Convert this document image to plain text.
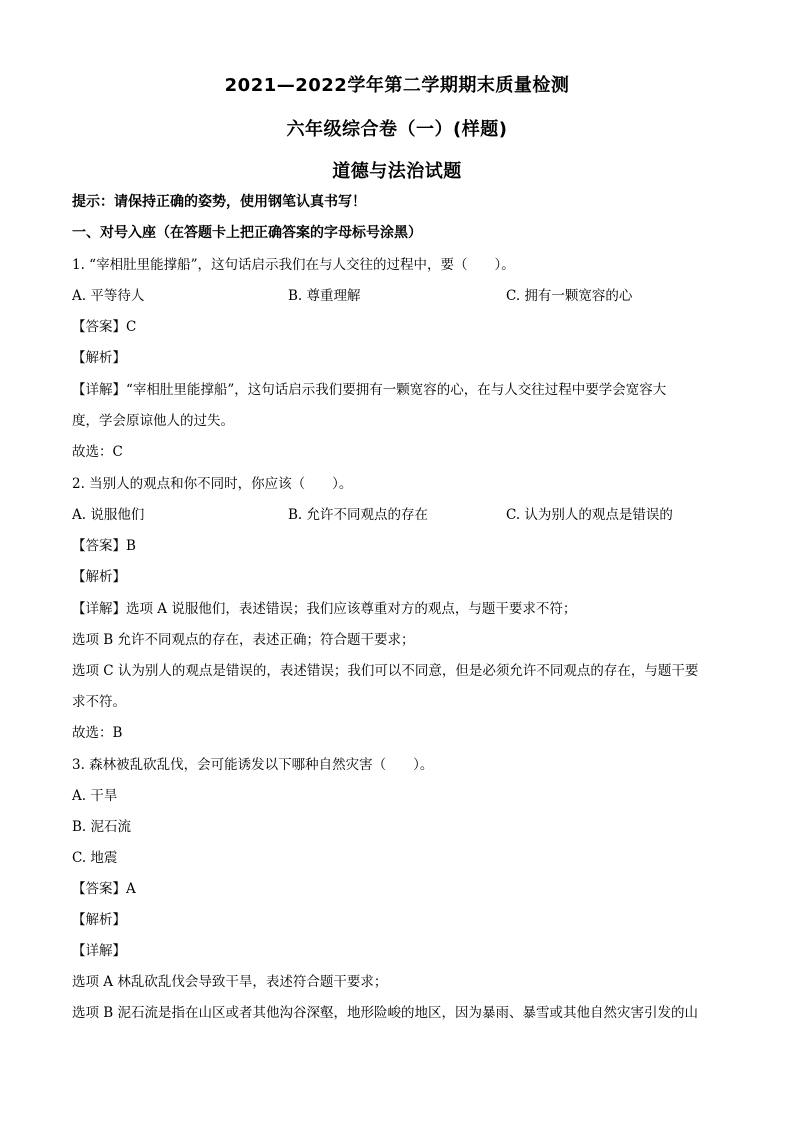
2021—2022学年第二学期期末质量检测
六年级综合卷（一）(样题)
道德与法治试题
提示：请保持正确的姿势，使用钢笔认真书写！
一、对号入座（在答题卡上把正确答案的字母标号涂黑）
1. “宰相肚里能撑船”，这句话启示我们在与人交往的过程中，要（　　）。
A. 平等待人	B. 尊重理解	C. 拥有一颗宽容的心
【答案】C
【解析】
【详解】“宰相肚里能撑船”，这句话启示我们要拥有一颗宽容的心，在与人交往过程中要学会宽容大
度，学会原谅他人的过失。
故选：C
2. 当别人的观点和你不同时，你应该（　　）。
A. 说服他们	B. 允许不同观点的存在	C. 认为别人的观点是错误的
【答案】B
【解析】
【详解】选项 A 说服他们，表述错误；我们应该尊重对方的观点，与题干要求不符；
选项 B 允许不同观点的存在，表述正确；符合题干要求；
选项 C 认为别人的观点是错误的，表述错误；我们可以不同意，但是必须允许不同观点的存在，与题干要
求不符。
故选：B
3. 森林被乱砍乱伐，会可能诱发以下哪种自然灾害（　　）。
A. 干旱
B. 泥石流
C. 地震
【答案】A
【解析】
【详解】
选项 A 林乱砍乱伐会导致干旱，表述符合题干要求；
选项 B 泥石流是指在山区或者其他沟谷深壑，地形险峻的地区，因为暴雨、暴雪或其他自然灾害引发的山
